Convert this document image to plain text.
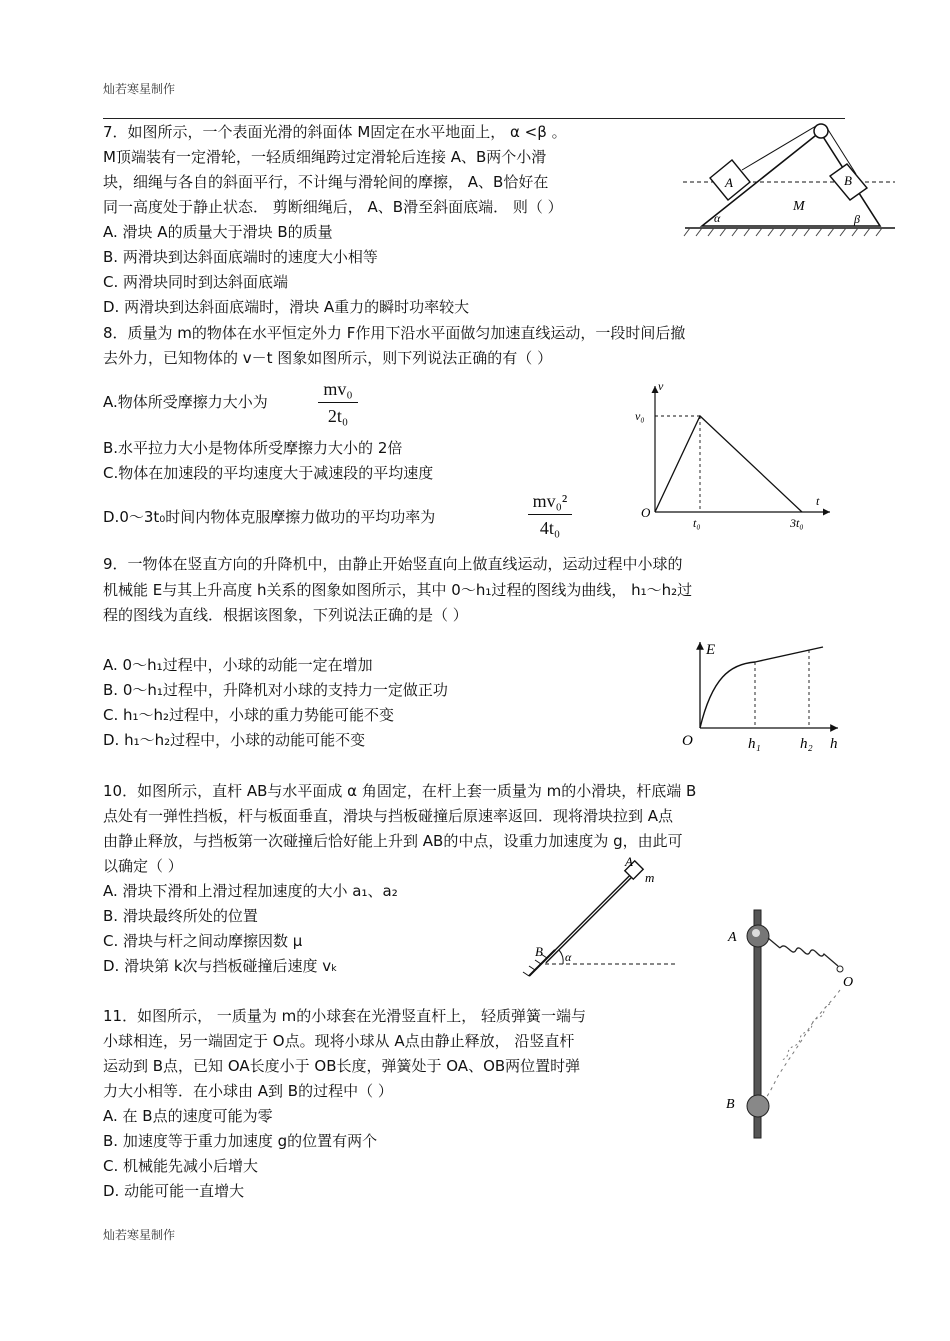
灿若寒星制作
7．如图所示，一个表面光滑的斜面体 M固定在水平地面上， α <β 。
M顶端装有一定滑轮，一轻质细绳跨过定滑轮后连接 A、B两个小滑
块，细绳与各自的斜面平行，不计绳与滑轮间的摩擦， A、B恰好在
同一高度处于静止状态． 剪断细绳后， A、B滑至斜面底端． 则（ ）
A. 滑块 A的质量大于滑块 B的质量
B. 两滑块到达斜面底端时的速度大小相等
C. 两滑块同时到达斜面底端
D. 两滑块到达斜面底端时，滑块 A重力的瞬时功率较大
A	B
M
α	β
8．质量为 m的物体在水平恒定外力 F作用下沿水平面做匀加速直线运动，一段时间后撤
去外力，已知物体的 v－t 图象如图所示，则下列说法正确的有（ ）
A.物体所受摩擦力大小为
mv₀
2t₀
B.水平拉力大小是物体所受摩擦力大小的 2倍
C.物体在加速段的平均速度大于减速段的平均速度
D.0～3t₀时间内物体克服摩擦力做功的平均功率为
mv₀²
4t₀
v
t
O
v₀
t₀	3t₀
9．一物体在竖直方向的升降机中，由静止开始竖直向上做直线运动，运动过程中小球的
机械能 E与其上升高度 h关系的图象如图所示，其中 0～h₁过程的图线为曲线， h₁～h₂过
程的图线为直线．根据该图象，下列说法正确的是（ ）
A. 0～h₁过程中，小球的动能一定在增加
B. 0～h₁过程中，升降机对小球的支持力一定做正功
C. h₁～h₂过程中，小球的重力势能可能不变
D. h₁～h₂过程中，小球的动能可能不变
E
O	h₁	h₂ h
10．如图所示，直杆 AB与水平面成 α 角固定，在杆上套一质量为 m的小滑块，杆底端 B
点处有一弹性挡板，杆与板面垂直，滑块与挡板碰撞后原速率返回．现将滑块拉到 A点
由静止释放，与挡板第一次碰撞后恰好能上升到 AB的中点，设重力加速度为 g，由此可
以确定（ ）
A. 滑块下滑和上滑过程加速度的大小 a₁、a₂
B. 滑块最终所处的位置
C. 滑块与杆之间动摩擦因数 μ
D. 滑块第 k次与挡板碰撞后速度 vₖ
A
m
B α
11．如图所示， 一质量为 m的小球套在光滑竖直杆上， 轻质弹簧一端与
小球相连，另一端固定于 O点。现将小球从 A点由静止释放， 沿竖直杆
运动到 B点，已知 OA长度小于 OB长度，弹簧处于 OA、OB两位置时弹
力大小相等．在小球由 A到 B的过程中（ ）
A. 在 B点的速度可能为零
B. 加速度等于重力加速度 g的位置有两个
C. 机械能先减小后增大
D. 动能可能一直增大
A
O
B
灿若寒星制作
